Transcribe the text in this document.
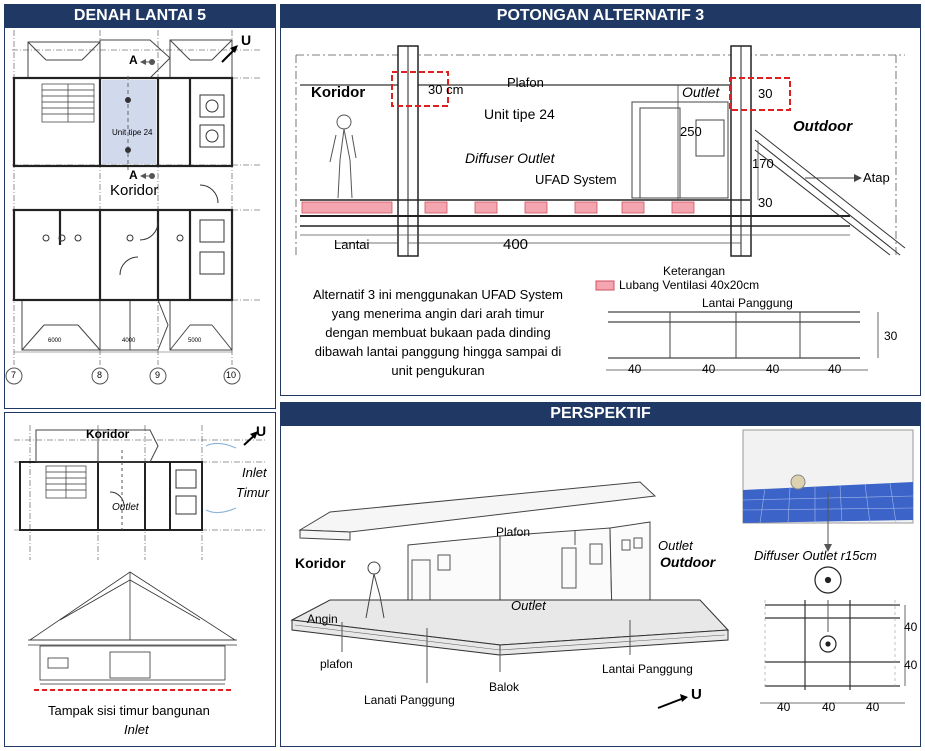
DENAH LANTAI 5	POTONGAN ALTERNATIF 3
PERSPEKTIF
A
A
U
Unit tipe 24
Koridor
6000	4000	5000
7	8	9	10
Koridor	U
Inlet
Timur
Outlet
Tampak sisi timur bangunan
Inlet
Koridor	30 cm	Plafon
Unit tipe 24
Outlet	30
Outdoor
250
Diffuser Outlet	170
Atap
UFAD System
30
Lantai	400
Keterangan
Lubang Ventilasi 40x20cm
Lantai Panggung
40	40	40	40
30
Alternatif 3 ini menggunakan UFAD System
yang menerima angin dari arah timur
dengan membuat bukaan pada dinding
dibawah lantai panggung hingga sampai di
unit pengukuran
Koridor
Plafon
Outlet
Outdoor
Angin
Outlet
plafon
Lanati Panggung
Balok
Lantai Panggung
U
Diffuser Outlet r15cm
40
40
40	40	40
